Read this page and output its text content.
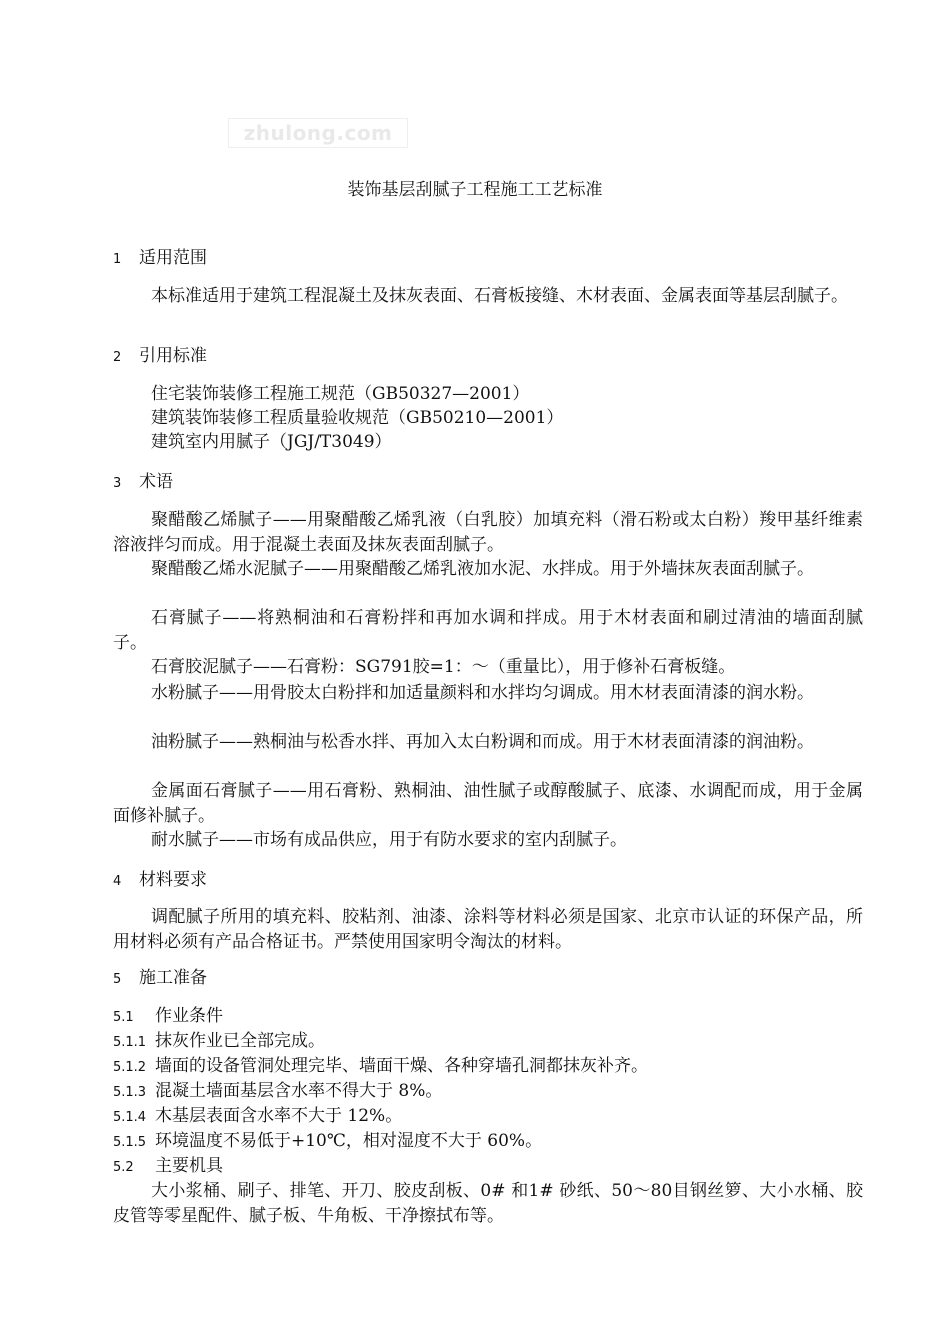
zhulong.com
装饰基层刮腻子工程施工工艺标准
1 适用范围
本标准适用于建筑工程混凝土及抹灰表面、石膏板接缝、木材表面、金属表面等基层刮腻子。
2 引用标准
住宅装饰装修工程施工规范（GB50327—2001）
建筑装饰装修工程质量验收规范（GB50210—2001）
建筑室内用腻子（JGJ/T3049）
3 术语
聚醋酸乙烯腻子——用聚醋酸乙烯乳液（白乳胶）加填充料（滑石粉或太白粉）羧甲基纤维素溶液拌匀而成。用于混凝土表面及抹灰表面刮腻子。
聚醋酸乙烯水泥腻子——用聚醋酸乙烯乳液加水泥、水拌成。用于外墙抹灰表面刮腻子。
石膏腻子——将熟桐油和石膏粉拌和再加水调和拌成。用于木材表面和刷过清油的墙面刮腻子。
石膏胶泥腻子——石膏粉：SG791胶=1：～（重量比），用于修补石膏板缝。
水粉腻子——用骨胶太白粉拌和加适量颜料和水拌均匀调成。用木材表面清漆的润水粉。
油粉腻子——熟桐油与松香水拌、再加入太白粉调和而成。用于木材表面清漆的润油粉。
金属面石膏腻子——用石膏粉、熟桐油、油性腻子或醇酸腻子、底漆、水调配而成，用于金属面修补腻子。
耐水腻子——市场有成品供应，用于有防水要求的室内刮腻子。
4 材料要求
调配腻子所用的填充料、胶粘剂、油漆、涂料等材料必须是国家、北京市认证的环保产品，所用材料必须有产品合格证书。严禁使用国家明令淘汰的材料。
5 施工准备
5.1 作业条件
5.1.1 抹灰作业已全部完成。
5.1.2 墙面的设备管洞处理完毕、墙面干燥、各种穿墙孔洞都抹灰补齐。
5.1.3 混凝土墙面基层含水率不得大于 8%。
5.1.4 木基层表面含水率不大于 12%。
5.1.5 环境温度不易低于+10℃，相对湿度不大于 60%。
5.2 主要机具
大小浆桶、刷子、排笔、开刀、胶皮刮板、0# 和1# 砂纸、50～80目钢丝箩、大小水桶、胶皮管等零星配件、腻子板、牛角板、干净擦拭布等。
